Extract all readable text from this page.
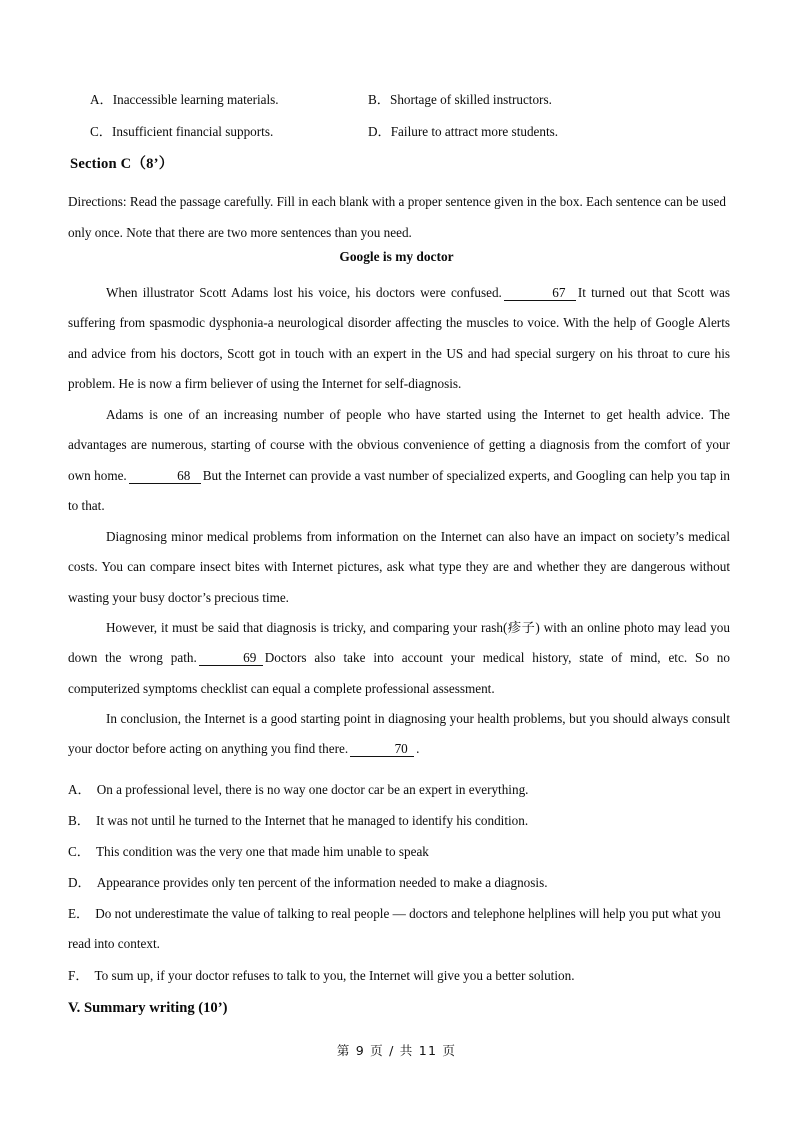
A．Inaccessible learning materials.	B．Shortage of skilled instructors.
C．Insufficient financial supports.	D．Failure to attract more students.
Section C（8’）
Directions: Read the passage carefully. Fill in each blank with a proper sentence given in the box. Each sentence can be used only once. Note that there are two more sentences than you need.
Google is my doctor
When illustrator Scott Adams lost his voice, his doctors were confused.	67 It turned out that Scott was suffering from spasmodic dysphonia-a neurological disorder affecting the muscles to voice. With the help of Google Alerts and advice from his doctors, Scott got in touch with an expert in the US and had special surgery on his throat to cure his problem. He is now a firm believer of using the Internet for self-diagnosis.
Adams is one of an increasing number of people who have started using the Internet to get health advice. The advantages are numerous, starting of course with the obvious convenience of getting a diagnosis from the comfort of your own home.	68 But the Internet can provide a vast number of specialized experts, and Googling can help you tap in to that.
Diagnosing minor medical problems from information on the Internet can also have an impact on society’s medical costs. You can compare insect bites with Internet pictures, ask what type they are and whether they are dangerous without wasting your busy doctor’s precious time.
However, it must be said that diagnosis is tricky, and comparing your rash(疹子) with an online photo may lead you down the wrong path.	69 Doctors also take into account your medical history, state of mind, etc. So no computerized symptoms checklist can equal a complete professional assessment.
In conclusion, the Internet is a good starting point in diagnosing your health problems, but you should always consult your doctor before acting on anything you find there.	70 .
A． On a professional level, there is no way one doctor car be an expert in everything.
B． It was not until he turned to the Internet that he managed to identify his condition.
C． This condition was the very one that made him unable to speak
D． Appearance provides only ten percent of the information needed to make a diagnosis.
E． Do not underestimate the value of talking to real people — doctors and telephone helplines will help you put what you read into context.
F． To sum up, if your doctor refuses to talk to you, the Internet will give you a better solution.
V. Summary writing (10’)
第 9 页 / 共 11 页
